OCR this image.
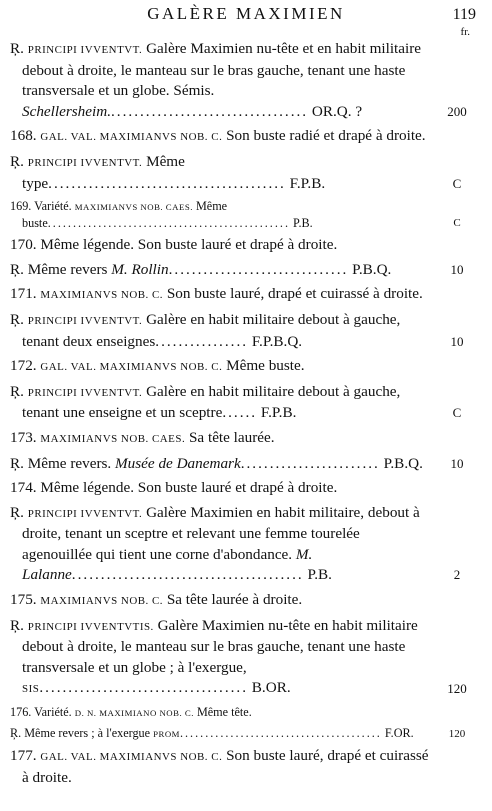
GALÈRE MAXIMIEN	119
fr.

Ŗ. PRINCIPI IVVENTVT. Galère Maximien nu-tête et en habit militaire debout à droite, le manteau sur le bras gauche, tenant une haste transversale et un globe. Sémis. Schellersheim................................... OR.Q. ?	200

168. GAL. VAL. MAXIMIANVS NOB. C. Son buste radié et drapé à droite.

Ŗ. PRINCIPI IVVENTVT. Même type......................................... F.P.B.	C

169. Variété. MAXIMIANVS NOB. CAES. Même buste................................................ P.B.	C

170. Même légende. Son buste lauré et drapé à droite.

Ŗ. Même revers M. Rollin............................... P.B.Q.	10

171. MAXIMIANVS NOB. C. Son buste lauré, drapé et cuirassé à droite.

Ŗ. PRINCIPI IVVENTVT. Galère en habit militaire debout à gauche, tenant deux enseignes................ F.P.B.Q.	10

172. GAL. VAL. MAXIMIANVS NOB. C. Même buste.

Ŗ. PRINCIPI IVVENTVT. Galère en habit militaire debout à gauche, tenant une enseigne et un sceptre...... F.P.B.	C

173. MAXIMIANVS NOB. CAES. Sa tête laurée.

Ŗ. Même revers. Musée de Danemark........................ P.B.Q.	10

174. Même légende. Son buste lauré et drapé à droite.

Ŗ. PRINCIPI IVVENTVT. Galère Maximien en habit militaire, debout à droite, tenant un sceptre et relevant une femme tourelée agenouillée qui tient une corne d'abondance. M. Lalanne........................................ P.B.	2

175. MAXIMIANVS NOB. C. Sa tête laurée à droite.

Ŗ. PRINCIPI IVVENTVTIS. Galère Maximien nu-tête en habit militaire debout à droite, le manteau sur le bras gauche, tenant une haste transversale et un globe ; à l'exergue, SIS.................................... B.OR.	120

176. Variété. D. N. MAXIMIANO NOB. C. Même tête.

Ŗ. Même revers ; à l'exergue PROM........................................ F.OR.	120

177. GAL. VAL. MAXIMIANVS NOB. C. Son buste lauré, drapé et cuirassé à droite.
